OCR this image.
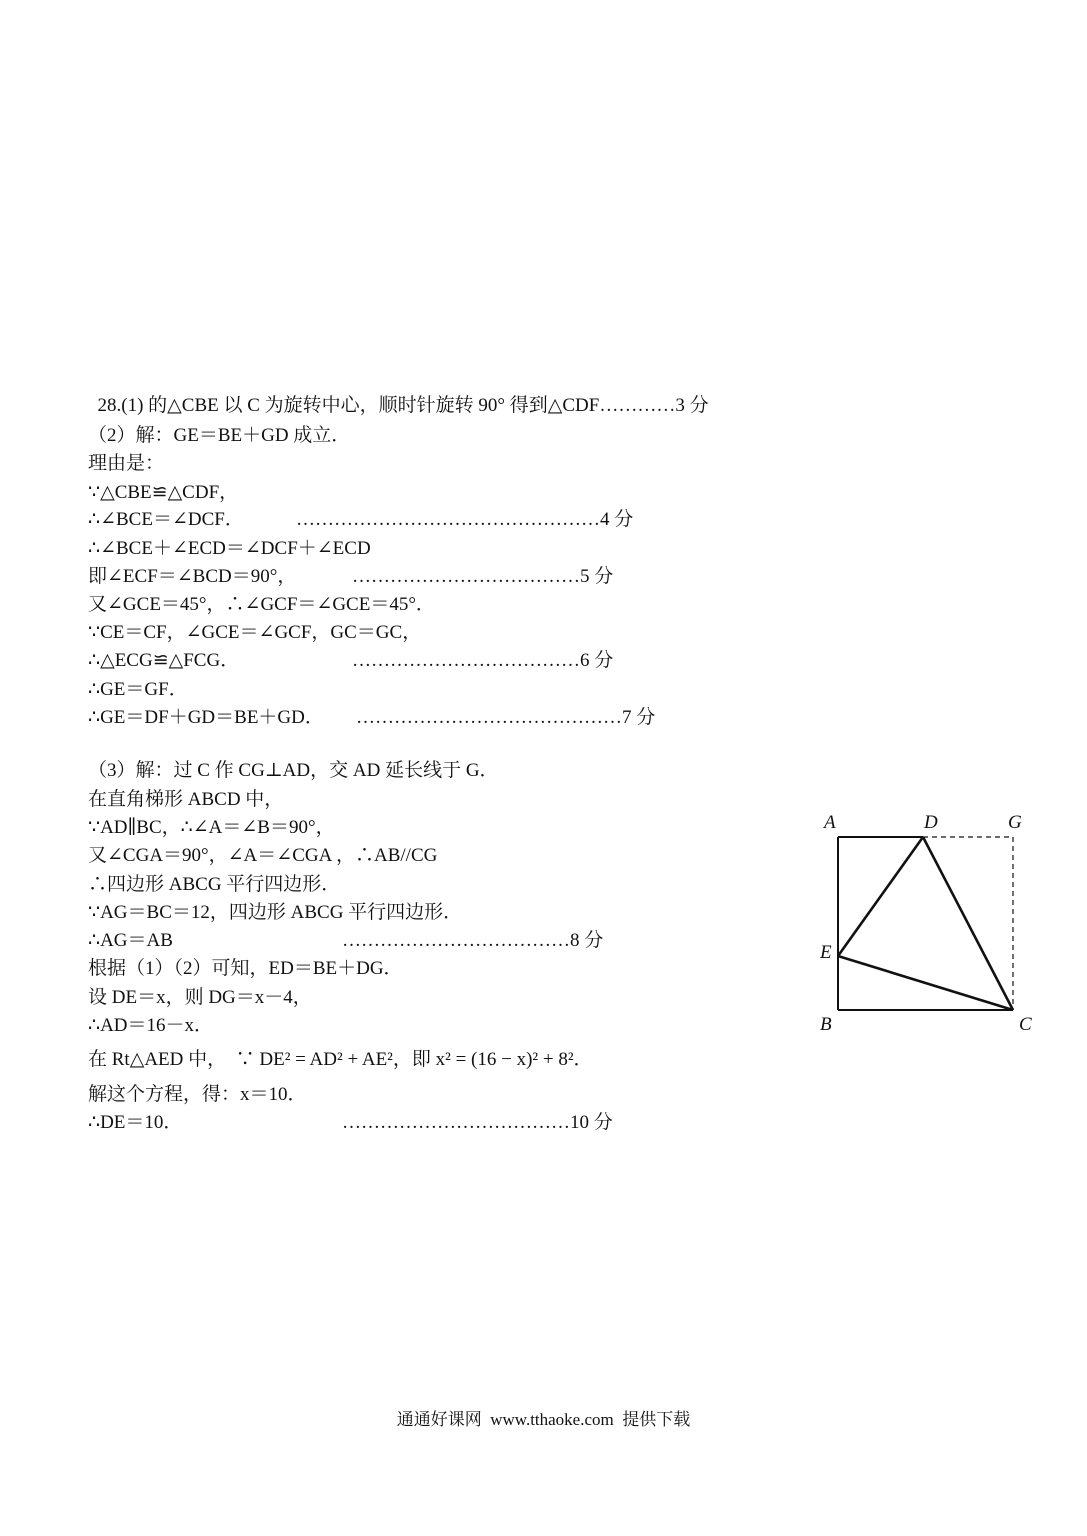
28.(1) 的△CBE 以 C 为旋转中心，顺时针旋转 90° 得到△CDF…………3 分

（2）解：GE＝BE＋GD 成立．
理由是：
∵△CBE≌△CDF，
∴∠BCE＝∠DCF．	…………………………………………4 分
∴∠BCE＋∠ECD＝∠DCF＋∠ECD
即∠ECF＝∠BCD＝90°，	………………………………5 分
又∠GCE＝45°，∴∠GCF＝∠GCE＝45°．
∵CE＝CF，∠GCE＝∠GCF，GC＝GC，
∴△ECG≌△FCG．	………………………………6 分
∴GE＝GF．
∴GE＝DF＋GD＝BE＋GD． ……………………………………7 分
（3）解：过 C 作 CG⊥AD，交 AD 延长线于 G．
在直角梯形 ABCD 中，
∵AD∥BC，∴∠A＝∠B＝90°，
又∠CGA＝90°，∠A＝∠CGA ，∴AB//CG
∴四边形 ABCG 平行四边形．
∵AG＝BC＝12，四边形 ABCG 平行四边形．
∴AG＝AB	………………………………8 分
根据（1）（2）可知，ED＝BE＋DG．
设 DE＝x，则 DG＝x－4，
∴AD＝16－x．
在 Rt△AED 中，  ∵ DE² = AD² + AE²，即 x² = (16 − x)² + 8²．
解这个方程，得：x＝10．
∴DE＝10．	………………………………10 分
A	D	G
E
B	C
通通好课网  www.tthaoke.com  提供下载
